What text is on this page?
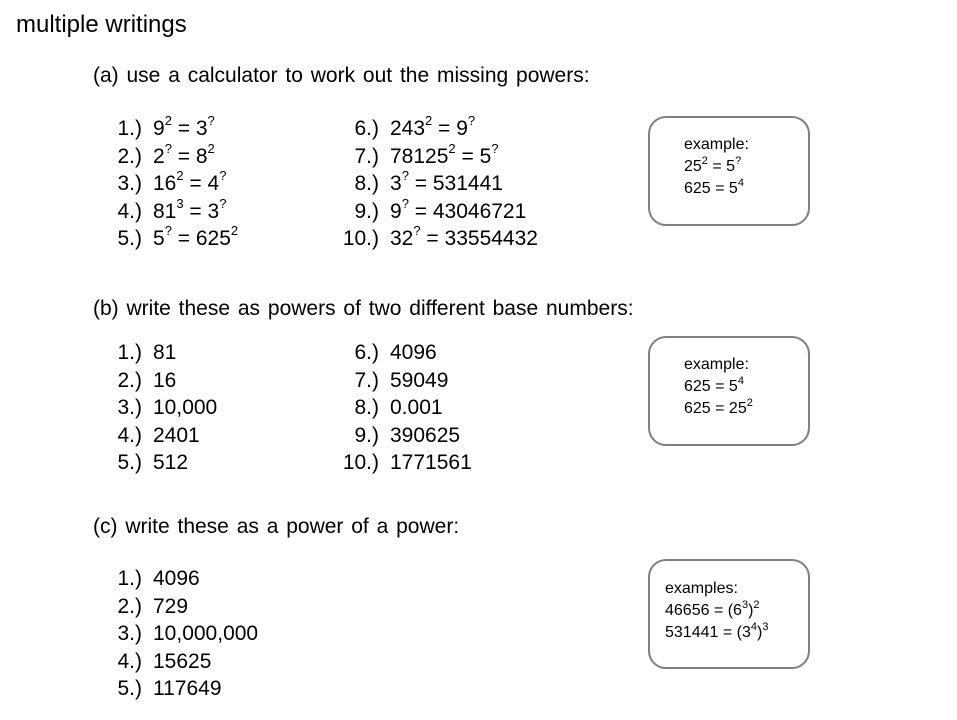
multiple writings
(a) use a calculator to work out the missing powers:
1.) $9^2 = 3^?$
2.) $2^? = 8^2$
3.) $16^2 = 4^?$
4.) $81^3 = 3^?$
5.) $5^? = 625^2$
6.) $243^2 = 9^?$
7.) $78125^2 = 5^?$
8.) 3? = 531441
9.) 9? = 43046721
10.) 32? = 33554432
example:
$25^2 = 5^?$
$625 = 5^4$
(b) write these as powers of two different base numbers:
1.) 81
2.) 16
3.) 10,000
4.) 2401
5.) 512
6.) 4096
7.) 59049
8.) 0.001
9.) 390625
10.) 1771561
example:
$625 = 5^4$
$625 = 25^2$
(c) write these as a power of a power:
1.) 4096
2.) 729
3.) 10,000,000
4.) 15625
5.) 117649
examples:
$46656 = (6^3)^2$
$531441 = (3^4)^3$
